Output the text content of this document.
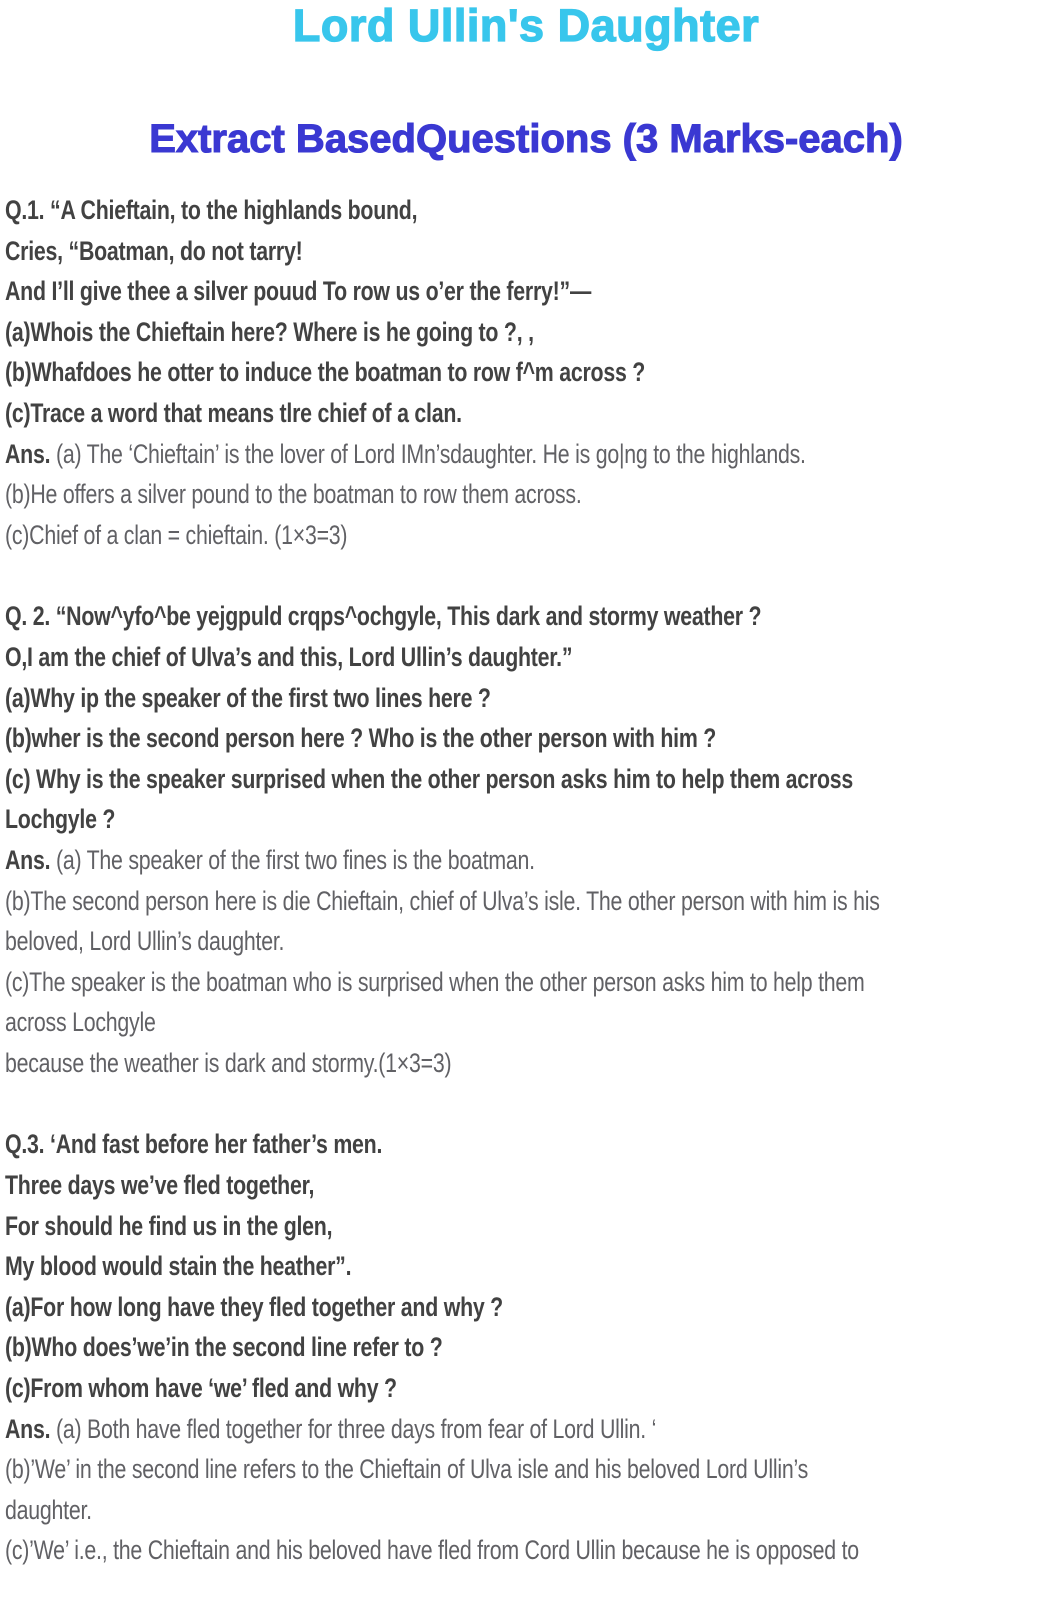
Lord Ullin's Daughter
Extract BasedQuestions (3 Marks-each)
Q.1. “A Chieftain, to the highlands bound,
Cries, “Boatman, do not tarry!
And I’ll give thee a silver pouud To row us o’er the ferry!”—
(a)Whois the Chieftain here? Where is he going to ?, ,
(b)Whafdoes he otter to induce the boatman to row f^m across ?
(c)Trace a word that means tlre chief of a clan.
Ans. (a) The ‘Chieftain’ is the lover of Lord IMn’sdaughter. He is go|ng to the highlands.
(b)He offers a silver pound to the boatman to row them across.
(c)Chief of a clan = chieftain. (1×3=3)
Q. 2. “Now^yfo^be yejgpuld crqps^ochgyle, This dark and stormy weather ?
O,I am the chief of Ulva’s and this, Lord Ullin’s daughter.”
(a)Why ip the speaker of the first two lines here ?
(b)wher is the second person here ? Who is the other person with him ?
(c) Why is the speaker surprised when the other person asks him to help them across
Lochgyle ?
Ans. (a) The speaker of the first two fines is the boatman.
(b)The second person here is die Chieftain, chief of Ulva’s isle. The other person with him is his
beloved, Lord Ullin’s daughter.
(c)The speaker is the boatman who is surprised when the other person asks him to help them
across Lochgyle
because the weather is dark and stormy.(1×3=3)
Q.3. ‘And fast before her father’s men.
Three days we’ve fled together,
For should he find us in the glen,
My blood would stain the heather”.
(a)For how long have they fled together and why ?
(b)Who does’we’in the second line refer to ?
(c)From whom have ‘we’ fled and why ?
Ans. (a) Both have fled together for three days from fear of Lord Ullin. ‘
(b)’We’ in the second line refers to the Chieftain of Ulva isle and his beloved Lord Ullin’s
daughter.
(c)’We’ i.e., the Chieftain and his beloved have fled from Cord Ullin because he is opposed to
